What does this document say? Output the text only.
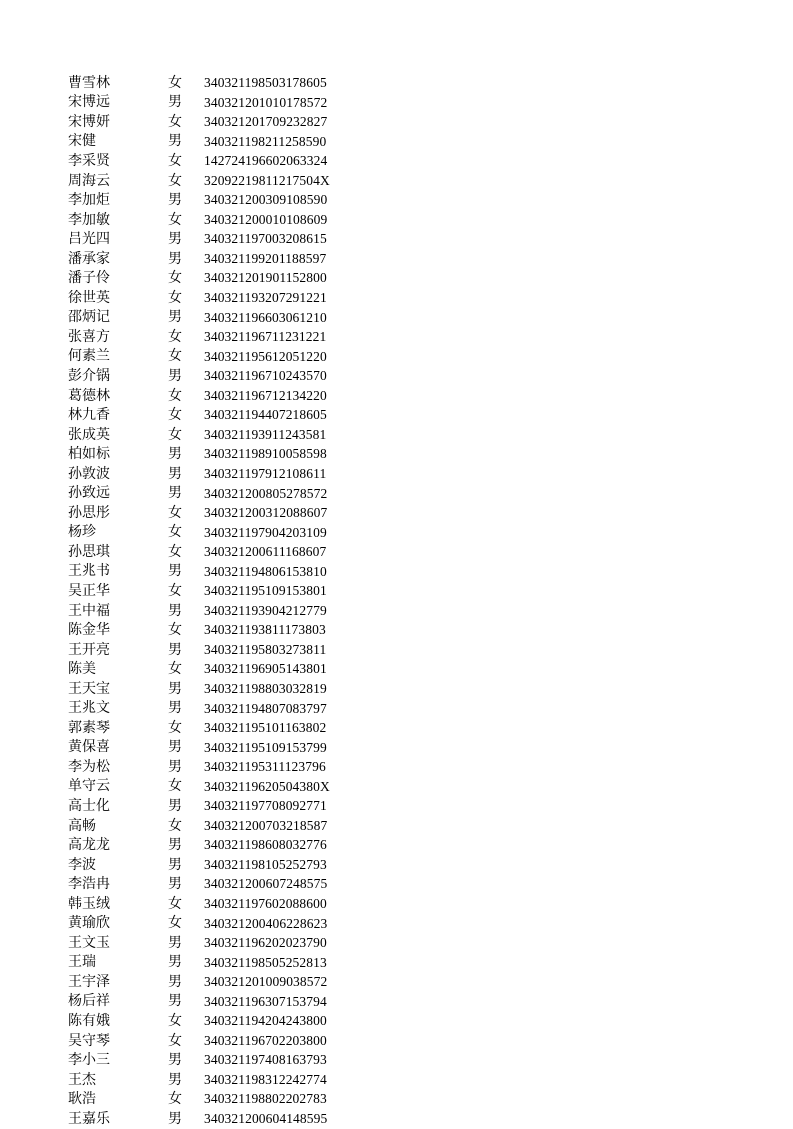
曹雪林	女	340321198503178605
宋博远	男	340321201010178572
宋博妍	女	340321201709232827
宋健	男	340321198211258590
李采贤	女	142724196602063324
周海云	女	32092219811217504X
李加炬	男	340321200309108590
李加敏	女	340321200010108609
吕光四	男	340321197003208615
潘承家	男	340321199201188597
潘子伶	女	340321201901152800
徐世英	女	340321193207291221
邵炳记	男	340321196603061210
张喜方	女	340321196711231221
何素兰	女	340321195612051220
彭介锅	男	340321196710243570
葛德林	女	340321196712134220
林九香	女	340321194407218605
张成英	女	340321193911243581
柏如标	男	340321198910058598
孙敦波	男	340321197912108611
孙致远	男	340321200805278572
孙思彤	女	340321200312088607
杨珍	女	340321197904203109
孙思琪	女	340321200611168607
王兆书	男	340321194806153810
吴正华	女	340321195109153801
王中福	男	340321193904212779
陈金华	女	340321193811173803
王开亮	男	340321195803273811
陈美	女	340321196905143801
王天宝	男	340321198803032819
王兆文	男	340321194807083797
郭素琴	女	340321195101163802
黄保喜	男	340321195109153799
李为松	男	340321195311123796
单守云	女	34032119620504380X
高士化	男	340321197708092771
高畅	女	340321200703218587
高龙龙	男	340321198608032776
李波	男	340321198105252793
李浩冉	男	340321200607248575
韩玉绒	女	340321197602088600
黄瑜欣	女	340321200406228623
王文玉	男	340321196202023790
王瑞	男	340321198505252813
王宇泽	男	340321201009038572
杨后祥	男	340321196307153794
陈有娥	女	340321194204243800
吴守琴	女	340321196702203800
李小三	男	340321197408163793
王杰	男	340321198312242774
耿浩	女	340321198802202783
王嘉乐	男	340321200604148595
